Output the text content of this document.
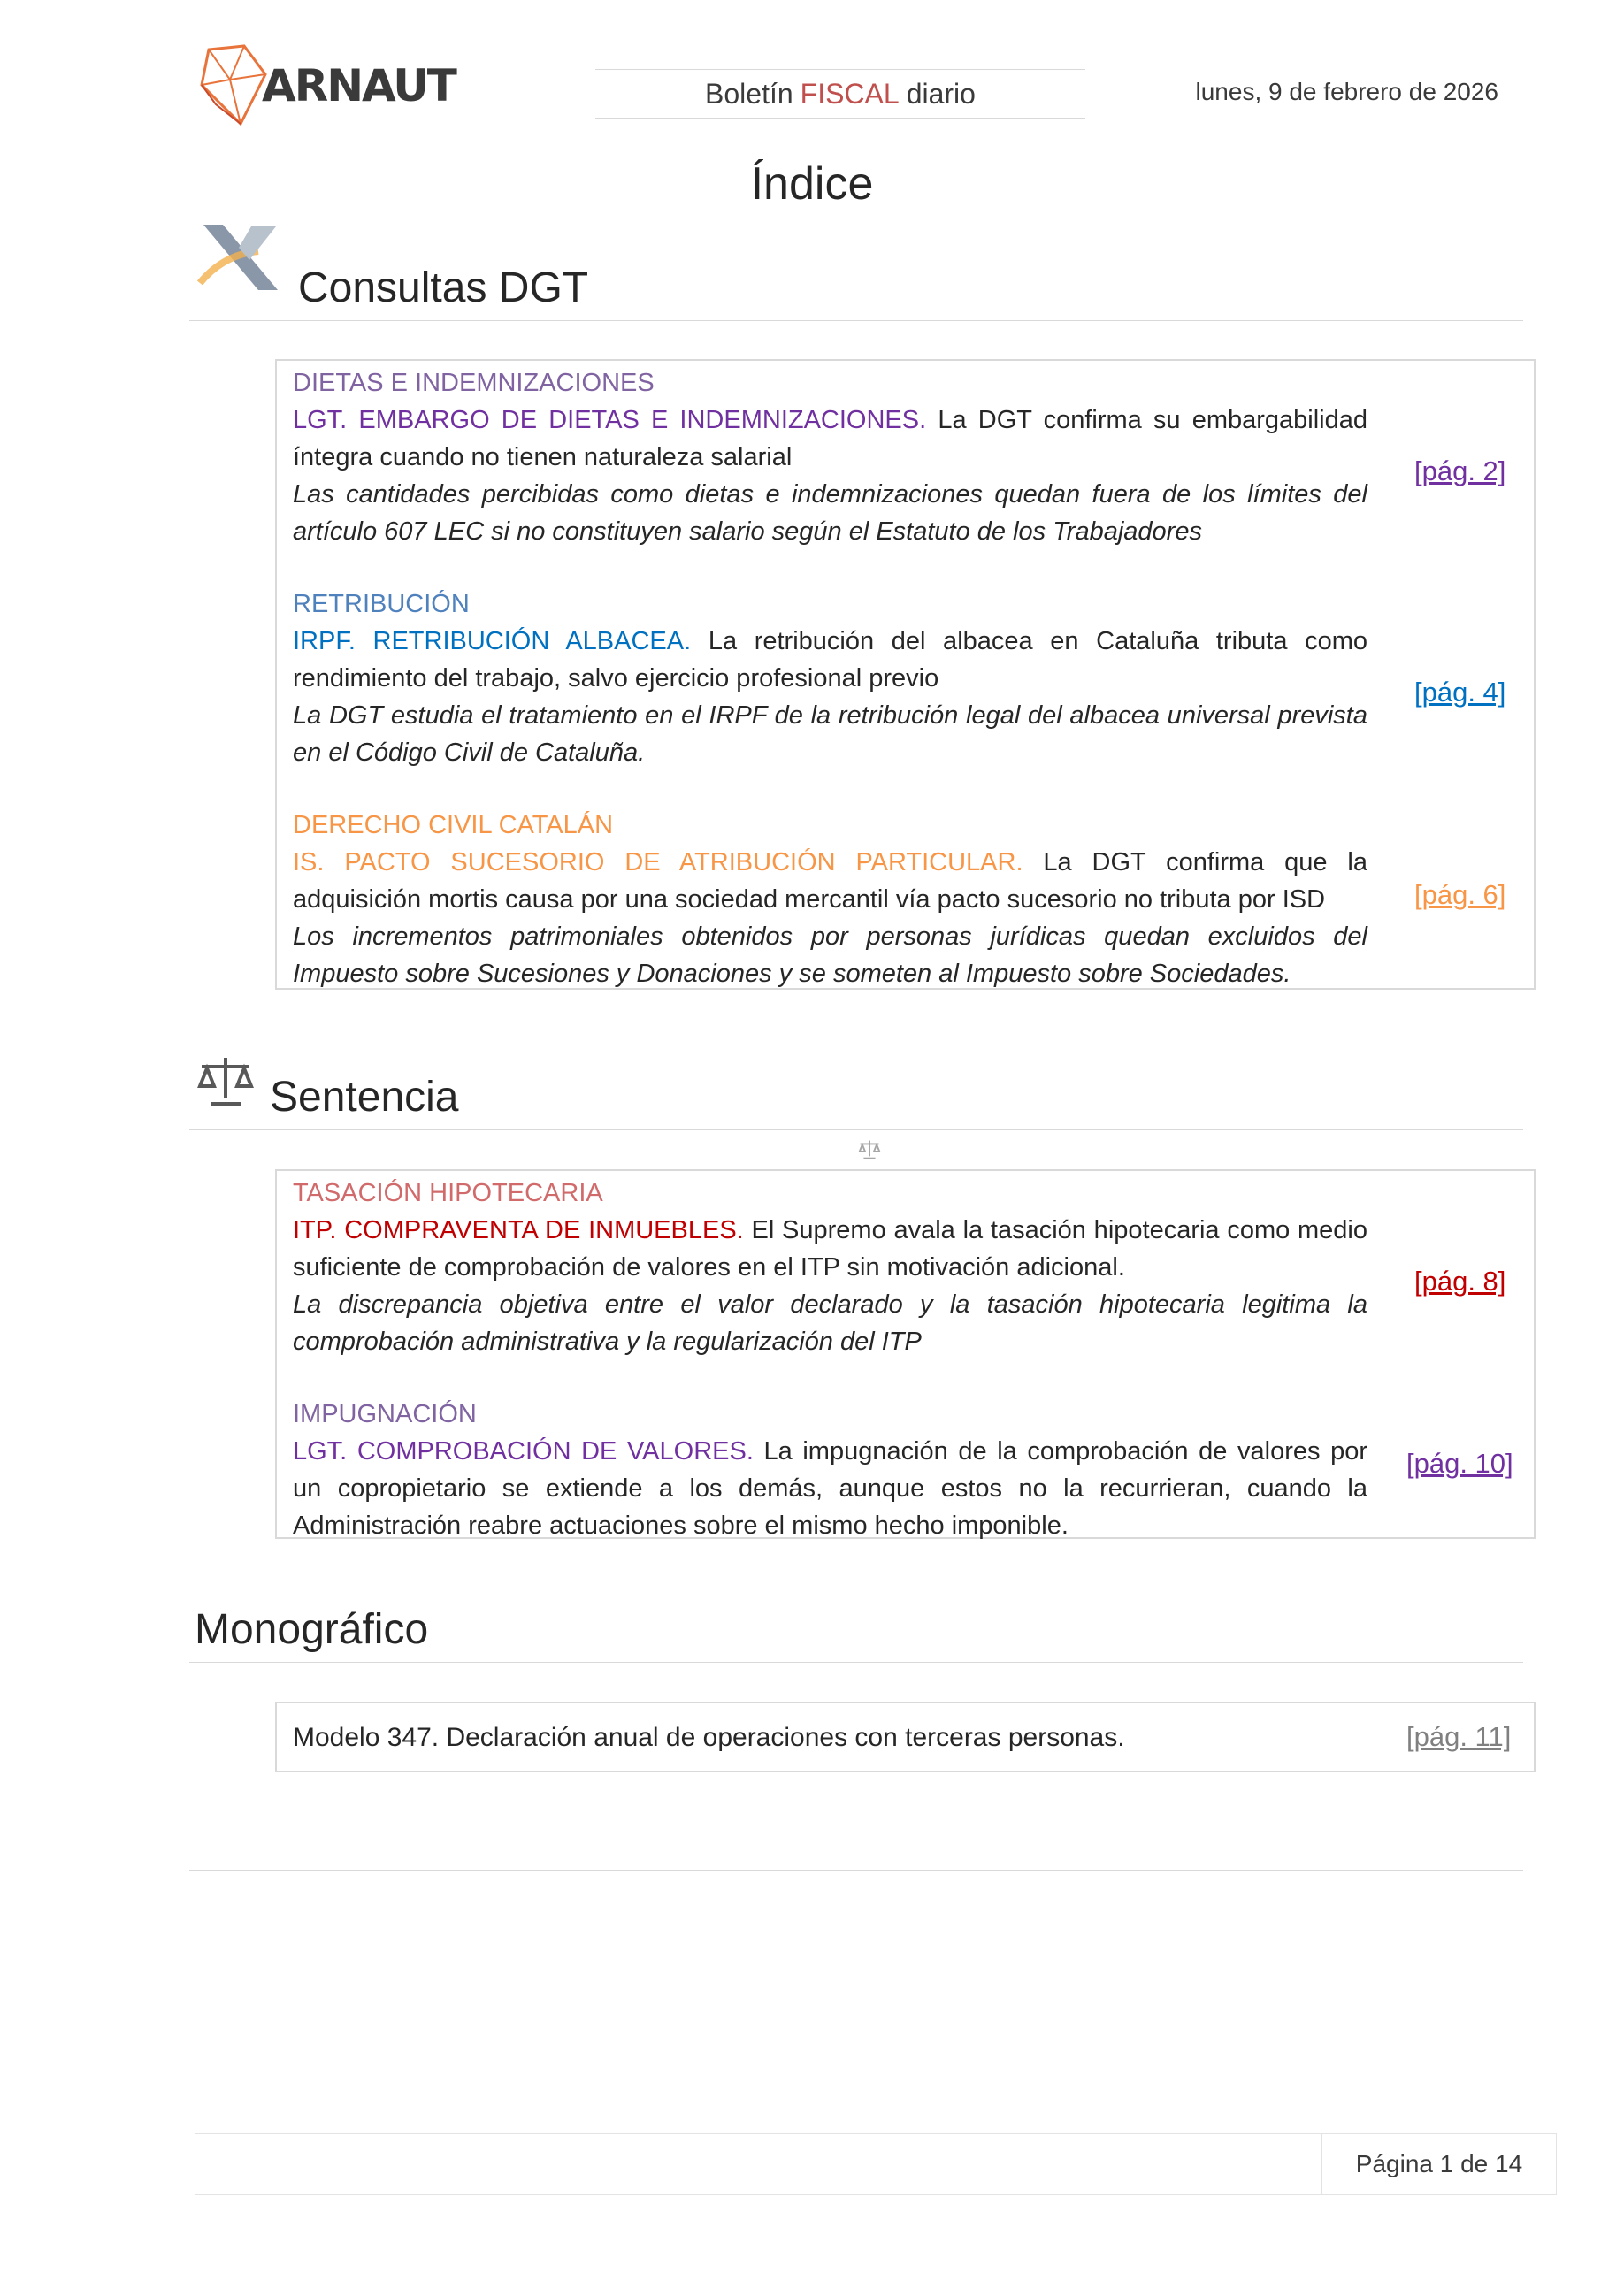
ARNAUT	Boletín FISCAL diario	lunes, 9 de febrero de 2026
Índice
Consultas DGT
DIETAS E INDEMNIZACIONES
LGT. EMBARGO DE DIETAS E INDEMNIZACIONES. La DGT confirma su embargabilidad íntegra cuando no tienen naturaleza salarial
Las cantidades percibidas como dietas e indemnizaciones quedan fuera de los límites del artículo 607 LEC si no constituyen salario según el Estatuto de los Trabajadores
[pág. 2]
RETRIBUCIÓN
IRPF. RETRIBUCIÓN ALBACEA. La retribución del albacea en Cataluña tributa como rendimiento del trabajo, salvo ejercicio profesional previo
La DGT estudia el tratamiento en el IRPF de la retribución legal del albacea universal prevista en el Código Civil de Cataluña.
[pág. 4]
DERECHO CIVIL CATALÁN
IS. PACTO SUCESORIO DE ATRIBUCIÓN PARTICULAR. La DGT confirma que la adquisición mortis causa por una sociedad mercantil vía pacto sucesorio no tributa por ISD
Los incrementos patrimoniales obtenidos por personas jurídicas quedan excluidos del Impuesto sobre Sucesiones y Donaciones y se someten al Impuesto sobre Sociedades.
[pág. 6]
Sentencia
TASACIÓN HIPOTECARIA
ITP. COMPRAVENTA DE INMUEBLES. El Supremo avala la tasación hipotecaria como medio suficiente de comprobación de valores en el ITP sin motivación adicional.
La discrepancia objetiva entre el valor declarado y la tasación hipotecaria legitima la comprobación administrativa y la regularización del ITP
[pág. 8]
IMPUGNACIÓN
LGT. COMPROBACIÓN DE VALORES. La impugnación de la comprobación de valores por un copropietario se extiende a los demás, aunque estos no la recurrieran, cuando la Administración reabre actuaciones sobre el mismo hecho imponible.
[pág. 10]
Monográfico
Modelo 347. Declaración anual de operaciones con terceras personas.	[pág. 11]
Página 1 de 14
